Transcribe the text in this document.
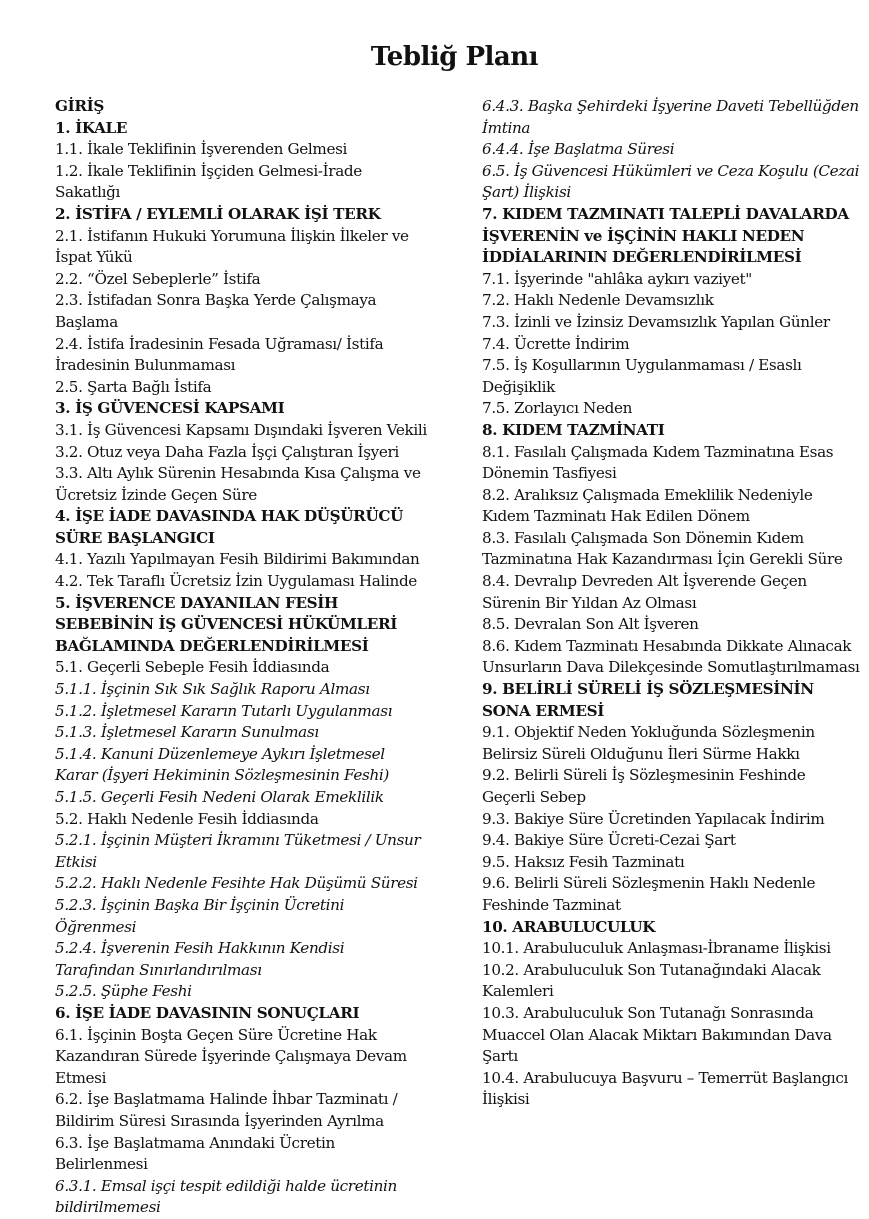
Tebliğ Planı
GİRİŞ
1. İKALE
1.1. İkale Teklifinin İşverenden Gelmesi
1.2. İkale Teklifinin İşçiden Gelmesi-İrade Sakatlığı
2. İSTİFA / EYLEMLİ OLARAK İŞİ TERK
2.1. İstifanın Hukuki Yorumuna İlişkin İlkeler ve İspat Yükü
2.2. “Özel Sebeplerle” İstifa
2.3. İstifadan Sonra Başka Yerde Çalışmaya Başlama
2.4. İstifa İradesinin Fesada Uğraması/ İstifa İradesinin Bulunmaması
2.5. Şarta Bağlı İstifa
3. İŞ GÜVENCESİ KAPSAMI
3.1. İş Güvencesi Kapsamı Dışındaki İşveren Vekili
3.2. Otuz veya Daha Fazla İşçi Çalıştıran İşyeri
3.3. Altı Aylık Sürenin Hesabında Kısa Çalışma ve Ücretsiz İzinde Geçen Süre
4. İŞE İADE DAVASINDA HAK DÜŞÜRÜCÜ SÜRE BAŞLANGICI
4.1. Yazılı Yapılmayan Fesih Bildirimi Bakımından
4.2. Tek Taraflı Ücretsiz İzin Uygulaması Halinde
5. İŞVERENCE DAYANILAN FESİH SEBEBİNİN İŞ GÜVENCESİ HÜKÜMLERİ BAĞLAMINDA DEĞERLENDİRİLMESİ
5.1. Geçerli Sebeple Fesih İddiasında
5.1.1. İşçinin Sık Sık Sağlık Raporu Alması
5.1.2. İşletmesel Kararın Tutarlı Uygulanması
5.1.3. İşletmesel Kararın Sunulması
5.1.4. Kanuni Düzenlemeye Aykırı İşletmesel Karar (İşyeri Hekiminin Sözleşmesinin Feshi)
5.1.5. Geçerli Fesih Nedeni Olarak Emeklilik
5.2. Haklı Nedenle Fesih İddiasında
5.2.1. İşçinin Müşteri İkramını Tüketmesi / Unsur Etkisi
5.2.2. Haklı Nedenle Fesihte Hak Düşümü Süresi
5.2.3. İşçinin Başka Bir İşçinin Ücretini Öğrenmesi
5.2.4. İşverenin Fesih Hakkının Kendisi Tarafından Sınırlandırılması
5.2.5. Şüphe Feshi
6. İŞE İADE DAVASININ SONUÇLARI
6.1. İşçinin Boşta Geçen Süre Ücretine Hak Kazandıran Sürede İşyerinde Çalışmaya Devam Etmesi
6.2. İşe Başlatmama Halinde İhbar Tazminatı / Bildirim Süresi Sırasında İşyerinden Ayrılma
6.3. İşe Başlatmama Anındaki Ücretin Belirlenmesi
6.3.1. Emsal işçi tespit edildiği halde ücretinin bildirilmemesi
6.4.3. Başka Şehirdeki İşyerine Daveti Tebellüğden İmtina
6.4.4. İşe Başlatma Süresi
6.5. İş Güvencesi Hükümleri ve Ceza Koşulu (Cezai Şart) İlişkisi
7. KIDEM TAZMINATI TALEPLİ DAVALARDA İŞVERENİN ve İŞÇİNİN HAKLI NEDEN İDDİALARININ DEĞERLENDİRİLMESİ
7.1. İşyerinde "ahlâka aykırı vaziyet"
7.2. Haklı Nedenle Devamsızlık
7.3. İzinli ve İzinsiz Devamsızlık Yapılan Günler
7.4. Ücrette İndirim
7.5. İş Koşullarının Uygulanmaması / Esaslı Değişiklik
7.5. Zorlayıcı Neden
8. KIDEM TAZMİNATI
8.1. Fasılalı Çalışmada Kıdem Tazminatına Esas Dönemin Tasfiyesi
8.2. Aralıksız Çalışmada Emeklilik Nedeniyle Kıdem Tazminatı Hak Edilen Dönem
8.3. Fasılalı Çalışmada Son Dönemin Kıdem Tazminatına Hak Kazandırması İçin Gerekli Süre
8.4. Devralıp Devreden Alt İşverende Geçen Sürenin Bir Yıldan Az Olması
8.5. Devralan Son Alt İşveren
8.6. Kıdem Tazminatı Hesabında Dikkate Alınacak Unsurların Dava Dilekçesinde Somutlaştırılmaması
9. BELİRLİ SÜRELİ İŞ SÖZLEŞMESİNİN SONA ERMESİ
9.1. Objektif Neden Yokluğunda Sözleşmenin Belirsiz Süreli Olduğunu İleri Sürme Hakkı
9.2. Belirli Süreli İş Sözleşmesinin Feshinde Geçerli Sebep
9.3. Bakiye Süre Ücretinden Yapılacak İndirim
9.4. Bakiye Süre Ücreti-Cezai Şart
9.5. Haksız Fesih Tazminatı
9.6. Belirli Süreli Sözleşmenin Haklı Nedenle Feshinde Tazminat
10. ARABULUCULUK
10.1. Arabuluculuk Anlaşması-İbraname İlişkisi
10.2. Arabuluculuk Son Tutanağındaki Alacak Kalemleri
10.3. Arabuluculuk Son Tutanağı Sonrasında Muaccel Olan Alacak Miktarı Bakımından Dava Şartı
10.4. Arabulucuya Başvuru – Temerrüt Başlangıcı İlişkisi
